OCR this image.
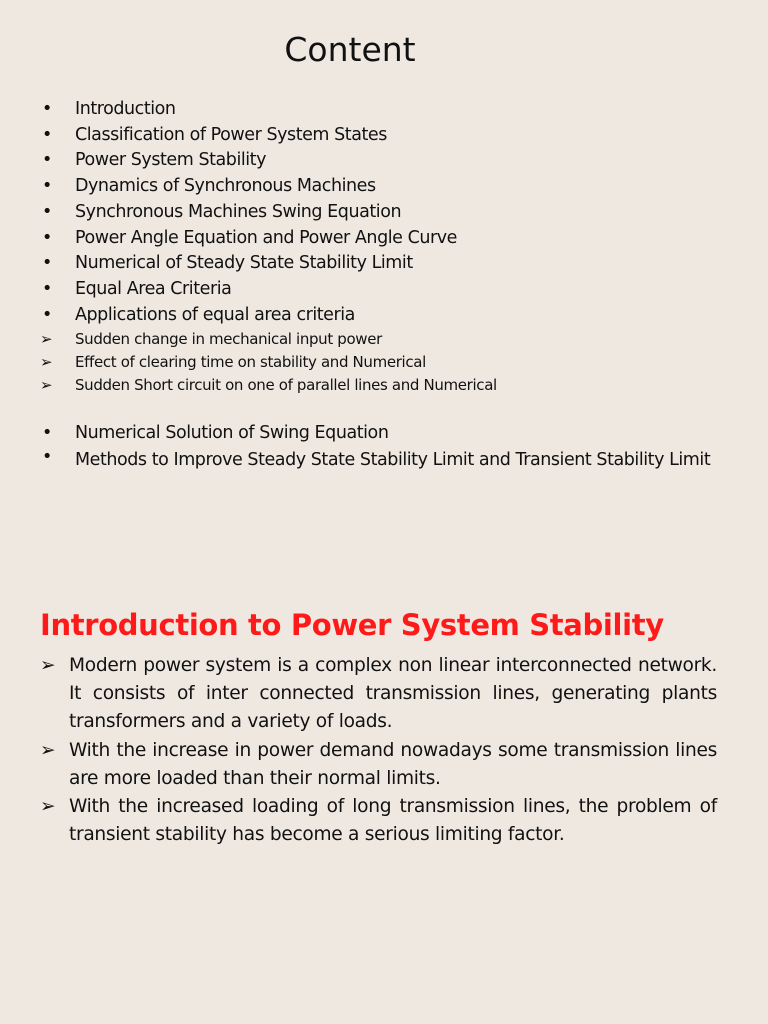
Content
• Introduction
• Classification of Power System States
• Power System Stability
• Dynamics of Synchronous Machines
• Synchronous Machines Swing Equation
• Power Angle Equation and Power Angle Curve
• Numerical of Steady State Stability Limit
• Equal Area Criteria
• Applications of equal area criteria
➢ Sudden change in mechanical input power
➢ Effect of clearing time on stability and Numerical
➢ Sudden Short circuit on one of parallel lines and Numerical
• Numerical Solution of Swing Equation
• Methods to Improve Steady State Stability Limit and Transient Stability Limit
Introduction to Power System Stability
➢ Modern power system is a complex non linear interconnected network. It consists of inter connected transmission lines, generating plants transformers and a variety of loads.
➢ With the increase in power demand nowadays some transmission lines are more loaded than their normal limits.
➢ With the increased loading of long transmission lines, the problem of transient stability has become a serious limiting factor.
